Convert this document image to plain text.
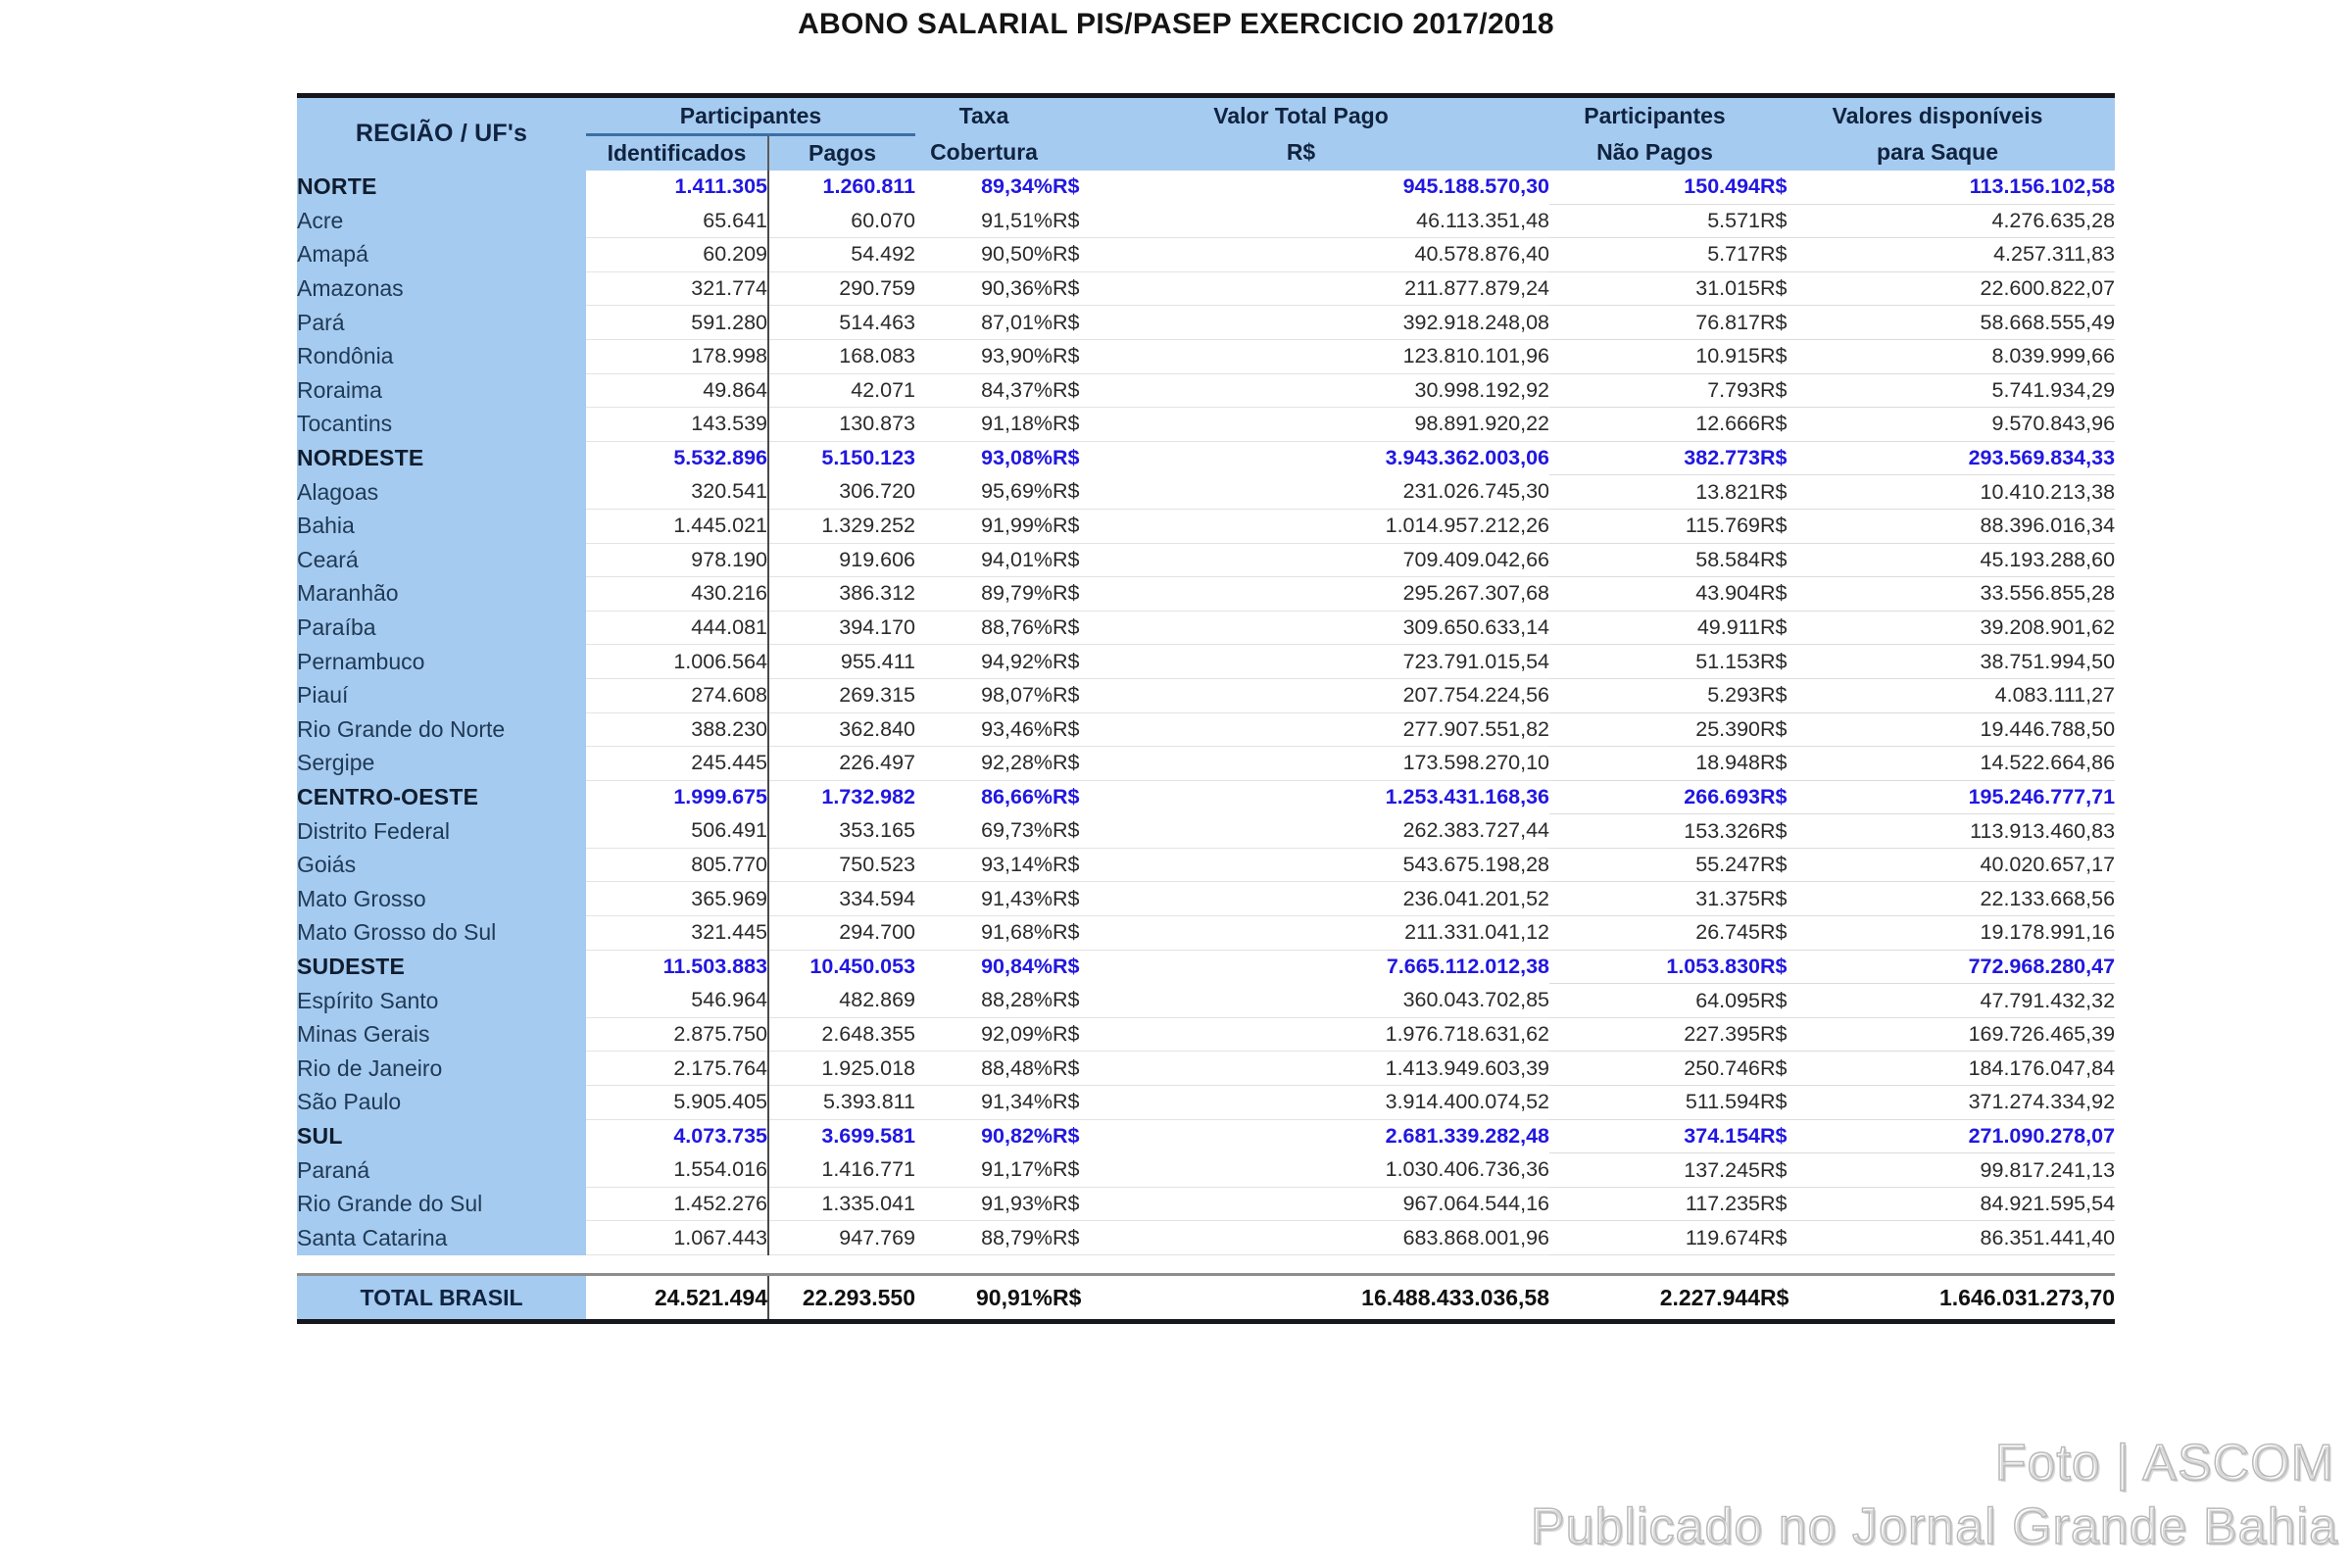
ABONO SALARIAL PIS/PASEP EXERCICIO 2017/2018
REGIÃO / UF's	Participantes		Taxa	Valor Total Pago		Participantes	Valores disponíveis	
	Identificados	Pagos	Cobertura	R$		Não Pagos	para Saque	
NORTE	1.411.305	1.260.811	89,34%	R$	945.188.570,30	150.494	R$	113.156.102,58
Acre	65.641	60.070	91,51%	R$	46.113.351,48	5.571	R$	4.276.635,28
Amapá	60.209	54.492	90,50%	R$	40.578.876,40	5.717	R$	4.257.311,83
Amazonas	321.774	290.759	90,36%	R$	211.877.879,24	31.015	R$	22.600.822,07
Pará	591.280	514.463	87,01%	R$	392.918.248,08	76.817	R$	58.668.555,49
Rondônia	178.998	168.083	93,90%	R$	123.810.101,96	10.915	R$	8.039.999,66
Roraima	49.864	42.071	84,37%	R$	30.998.192,92	7.793	R$	5.741.934,29
Tocantins	143.539	130.873	91,18%	R$	98.891.920,22	12.666	R$	9.570.843,96
NORDESTE	5.532.896	5.150.123	93,08%	R$	3.943.362.003,06	382.773	R$	293.569.834,33
Alagoas	320.541	306.720	95,69%	R$	231.026.745,30	13.821	R$	10.410.213,38
Bahia	1.445.021	1.329.252	91,99%	R$	1.014.957.212,26	115.769	R$	88.396.016,34
Ceará	978.190	919.606	94,01%	R$	709.409.042,66	58.584	R$	45.193.288,60
Maranhão	430.216	386.312	89,79%	R$	295.267.307,68	43.904	R$	33.556.855,28
Paraíba	444.081	394.170	88,76%	R$	309.650.633,14	49.911	R$	39.208.901,62
Pernambuco	1.006.564	955.411	94,92%	R$	723.791.015,54	51.153	R$	38.751.994,50
Piauí	274.608	269.315	98,07%	R$	207.754.224,56	5.293	R$	4.083.111,27
Rio Grande do Norte	388.230	362.840	93,46%	R$	277.907.551,82	25.390	R$	19.446.788,50
Sergipe	245.445	226.497	92,28%	R$	173.598.270,10	18.948	R$	14.522.664,86
CENTRO-OESTE	1.999.675	1.732.982	86,66%	R$	1.253.431.168,36	266.693	R$	195.246.777,71
Distrito Federal	506.491	353.165	69,73%	R$	262.383.727,44	153.326	R$	113.913.460,83
Goiás	805.770	750.523	93,14%	R$	543.675.198,28	55.247	R$	40.020.657,17
Mato Grosso	365.969	334.594	91,43%	R$	236.041.201,52	31.375	R$	22.133.668,56
Mato Grosso do Sul	321.445	294.700	91,68%	R$	211.331.041,12	26.745	R$	19.178.991,16
SUDESTE	11.503.883	10.450.053	90,84%	R$	7.665.112.012,38	1.053.830	R$	772.968.280,47
Espírito Santo	546.964	482.869	88,28%	R$	360.043.702,85	64.095	R$	47.791.432,32
Minas Gerais	2.875.750	2.648.355	92,09%	R$	1.976.718.631,62	227.395	R$	169.726.465,39
Rio de Janeiro	2.175.764	1.925.018	88,48%	R$	1.413.949.603,39	250.746	R$	184.176.047,84
São Paulo	5.905.405	5.393.811	91,34%	R$	3.914.400.074,52	511.594	R$	371.274.334,92
SUL	4.073.735	3.699.581	90,82%	R$	2.681.339.282,48	374.154	R$	271.090.278,07
Paraná	1.554.016	1.416.771	91,17%	R$	1.030.406.736,36	137.245	R$	99.817.241,13
Rio Grande do Sul	1.452.276	1.335.041	91,93%	R$	967.064.544,16	117.235	R$	84.921.595,54
Santa Catarina	1.067.443	947.769	88,79%	R$	683.868.001,96	119.674	R$	86.351.441,40

TOTAL BRASIL	24.521.494	22.293.550	90,91%	R$	16.488.433.036,58	2.227.944	R$	1.646.031.273,70
Foto | ASCOM
Publicado no Jornal Grande Bahia
